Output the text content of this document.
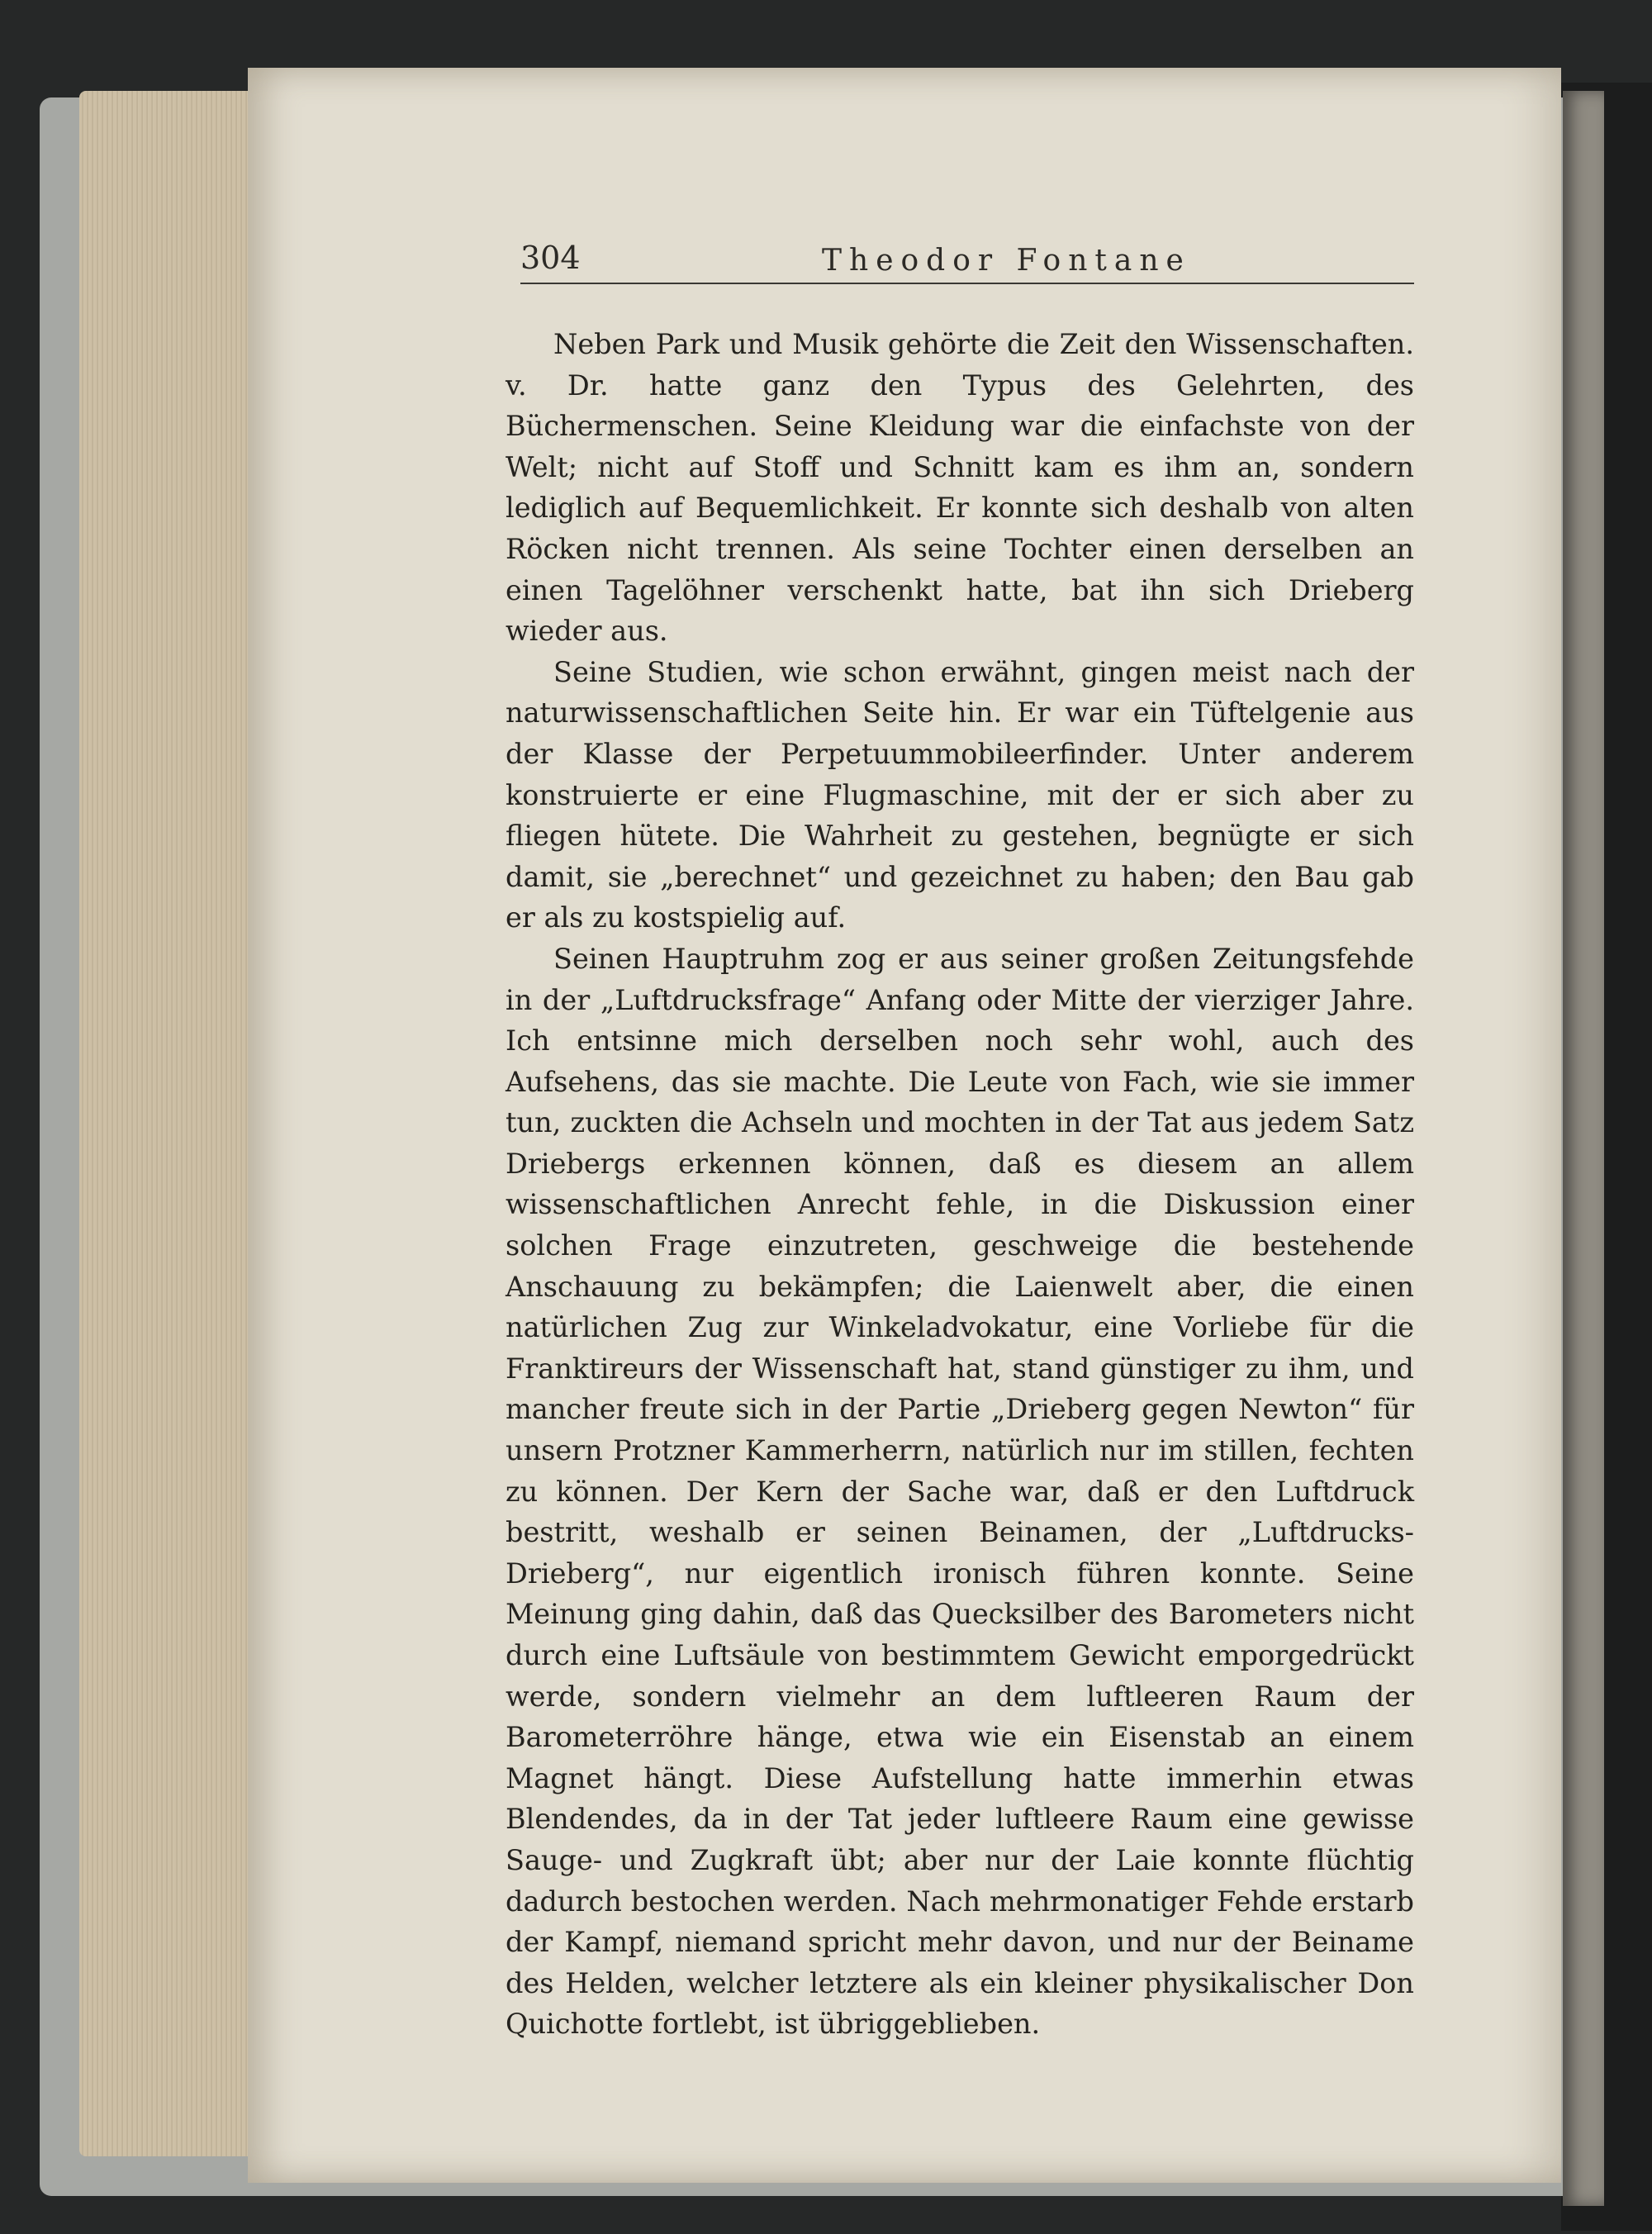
304	Theodor Fontane

Neben Park und Musik gehörte die Zeit den Wissenschaften. v. Dr. hatte ganz den Typus des Gelehrten, des Büchermenschen. Seine Kleidung war die einfachste von der Welt; nicht auf Stoff und Schnitt kam es ihm an, sondern lediglich auf Bequemlichkeit. Er konnte sich deshalb von alten Röcken nicht trennen. Als seine Tochter einen derselben an einen Tagelöhner verschenkt hatte, bat ihn sich Drieberg wieder aus.

Seine Studien, wie schon erwähnt, gingen meist nach der naturwissenschaftlichen Seite hin. Er war ein Tüftelgenie aus der Klasse der Perpetuummobileerfinder. Unter anderem konstruierte er eine Flugmaschine, mit der er sich aber zu fliegen hütete. Die Wahrheit zu gestehen, begnügte er sich damit, sie „berechnet“ und gezeichnet zu haben; den Bau gab er als zu kostspielig auf.

Seinen Hauptruhm zog er aus seiner großen Zeitungsfehde in der „Luftdrucksfrage“ Anfang oder Mitte der vierziger Jahre. Ich entsinne mich derselben noch sehr wohl, auch des Aufsehens, das sie machte. Die Leute von Fach, wie sie immer tun, zuckten die Achseln und mochten in der Tat aus jedem Satz Driebergs erkennen können, daß es diesem an allem wissenschaftlichen Anrecht fehle, in die Diskussion einer solchen Frage einzutreten, geschweige die bestehende Anschauung zu bekämpfen; die Laienwelt aber, die einen natürlichen Zug zur Winkeladvokatur, eine Vorliebe für die Franktireurs der Wissenschaft hat, stand günstiger zu ihm, und mancher freute sich in der Partie „Drieberg gegen Newton“ für unsern Protzner Kammerherrn, natürlich nur im stillen, fechten zu können. Der Kern der Sache war, daß er den Luftdruck bestritt, weshalb er seinen Beinamen, der „Luftdrucks-Drieberg“, nur eigentlich ironisch führen konnte. Seine Meinung ging dahin, daß das Quecksilber des Barometers nicht durch eine Luftsäule von bestimmtem Gewicht emporgedrückt werde, sondern vielmehr an dem luftleeren Raum der Barometerröhre hänge, etwa wie ein Eisenstab an einem Magnet hängt. Diese Aufstellung hatte immerhin etwas Blendendes, da in der Tat jeder luftleere Raum eine gewisse Sauge- und Zugkraft übt; aber nur der Laie konnte flüchtig dadurch bestochen werden. Nach mehrmonatiger Fehde erstarb der Kampf, niemand spricht mehr davon, und nur der Beiname des Helden, welcher letztere als ein kleiner physikalischer Don Quichotte fortlebt, ist übriggeblieben.
